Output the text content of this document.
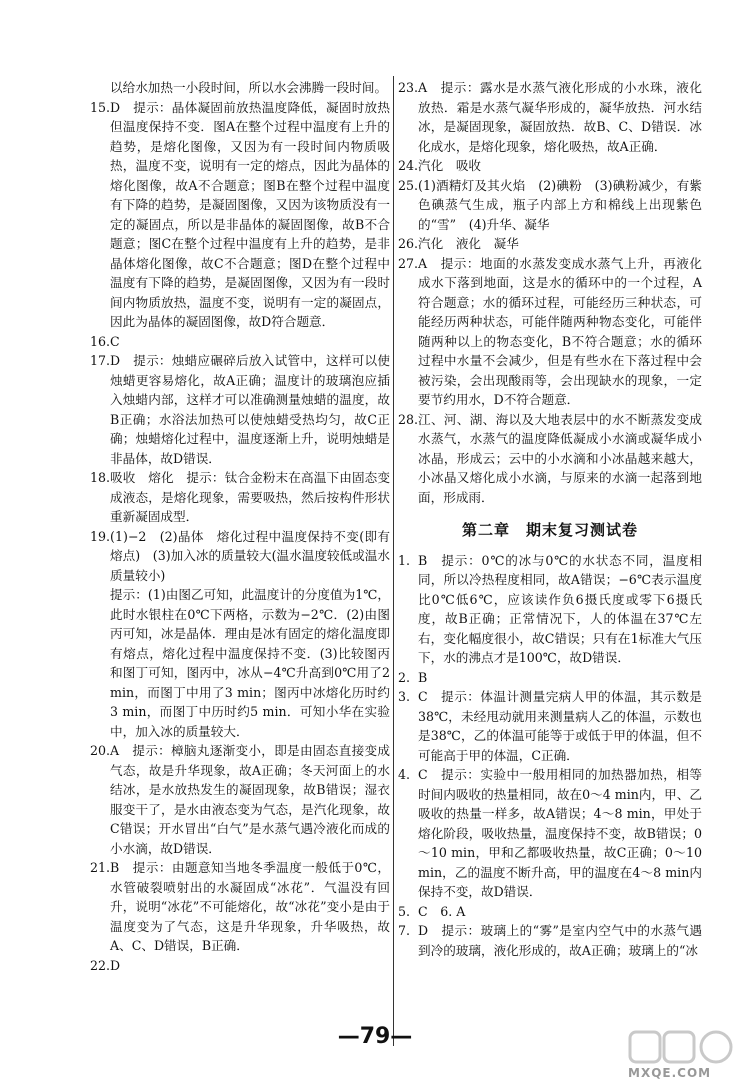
以给水加热一小段时间，所以水会沸腾一段时间。
15. D　提示：晶体凝固前放热温度降低，凝固时放热但温度保持不变．图A在整个过程中温度有上升的趋势，是熔化图像，又因为有一段时间内物质吸热，温度不变，说明有一定的熔点，因此为晶体的熔化图像，故A不合题意；图B在整个过程中温度有下降的趋势，是凝固图像，又因为该物质没有一定的凝固点，所以是非晶体的凝固图像，故B不合题意；图C在整个过程中温度有上升的趋势，是非晶体熔化图像，故C不合题意；图D在整个过程中温度有下降的趋势，是凝固图像，又因为有一段时间内物质放热，温度不变，说明有一定的凝固点，因此为晶体的凝固图像，故D符合题意．
16. C
17. D　提示：烛蜡应碾碎后放入试管中，这样可以使烛蜡更容易熔化，故A正确；温度计的玻璃泡应插入烛蜡内部，这样才可以准确测量烛蜡的温度，故B正确；水浴法加热可以使烛蜡受热均匀，故C正确；烛蜡熔化过程中，温度逐渐上升，说明烛蜡是非晶体，故D错误．
18. 吸收　熔化　提示：钛合金粉末在高温下由固态变成液态，是熔化现象，需要吸热，然后按构件形状重新凝固成型．
19. (1)−2　(2)晶体　熔化过程中温度保持不变(即有熔点)　(3)加入冰的质量较大(温水温度较低或温水质量较小)
提示：(1)由图乙可知，此温度计的分度值为1℃，此时水银柱在0℃下两格，示数为−2℃．(2)由图丙可知，冰是晶体．理由是冰有固定的熔化温度即有熔点，熔化过程中温度保持不变．(3)比较图丙和图丁可知，图丙中，冰从−4℃升高到0℃用了2 min，而图丁中用了3 min；图丙中冰熔化历时约3 min，而图丁中历时约5 min．可知小华在实验中，加入冰的质量较大．
20. A　提示：樟脑丸逐渐变小，即是由固态直接变成气态，故是升华现象，故A正确；冬天河面上的水结冰，是水放热发生的凝固现象，故B错误；湿衣服变干了，是水由液态变为气态，是汽化现象，故C错误；开水冒出“白气”是水蒸气遇冷液化而成的小水滴，故D错误．
21. B　提示：由题意知当地冬季温度一般低于0℃，水管破裂喷射出的水凝固成“冰花”．气温没有回升，说明“冰花”不可能熔化，故“冰花”变小是由于温度变为了气态，这是升华现象，升华吸热，故A、C、D错误，B正确．
22. D
23. A　提示：露水是水蒸气液化形成的小水珠，液化放热．霜是水蒸气凝华形成的，凝华放热．河水结冰，是凝固现象，凝固放热．故B、C、D错误．冰化成水，是熔化现象，熔化吸热，故A正确．
24. 汽化　吸收
25. (1)酒精灯及其火焰　(2)碘粉　(3)碘粉减少，有紫色碘蒸气生成，瓶子内部上方和棉线上出现紫色的“雪”　(4)升华、凝华
26. 汽化　液化　凝华
27. A　提示：地面的水蒸发变成水蒸气上升，再液化成水下落到地面，这是水的循环中的一个过程，A符合题意；水的循环过程，可能经历三种状态，可能经历两种状态，可能伴随两种物态变化，可能伴随两种以上的物态变化，B不符合题意；水的循环过程中水量不会减少，但是有些水在下落过程中会被污染，会出现酸雨等，会出现缺水的现象，一定要节约用水，D不符合题意．
28. 江、河、湖、海以及大地表层中的水不断蒸发变成水蒸气，水蒸气的温度降低凝成小水滴或凝华成小冰晶，形成云；云中的小水滴和小冰晶越来越大，小冰晶又熔化成小水滴，与原来的水滴一起落到地面，形成雨．
第二章　期末复习测试卷
1. B　提示：0℃的冰与0℃的水状态不同，温度相同，所以冷热程度相同，故A错误；−6℃表示温度比0℃低6℃，应该读作负6摄氏度或零下6摄氏度，故B正确；正常情况下，人的体温在37℃左右，变化幅度很小，故C错误；只有在1标准大气压下，水的沸点才是100℃，故D错误．
2. B
3. C　提示：体温计测量完病人甲的体温，其示数是38℃，未经甩动就用来测量病人乙的体温，示数也是38℃，乙的体温可能等于或低于甲的体温，但不可能高于甲的体温，C正确．
4. C　提示：实验中一般用相同的加热器加热，相等时间内吸收的热量相同，故在0～4 min内，甲、乙吸收的热量一样多，故A错误；4～8 min，甲处于熔化阶段，吸收热量，温度保持不变，故B错误；0～10 min，甲和乙都吸收热量，故C正确；0～10 min，乙的温度不断升高，甲的温度在4～8 min内保持不变，故D错误．
5. C　6. A
7. D　提示：玻璃上的“雾”是室内空气中的水蒸气遇到冷的玻璃，液化形成的，故A正确；玻璃上的“冰
—79—
MXQE.COM
